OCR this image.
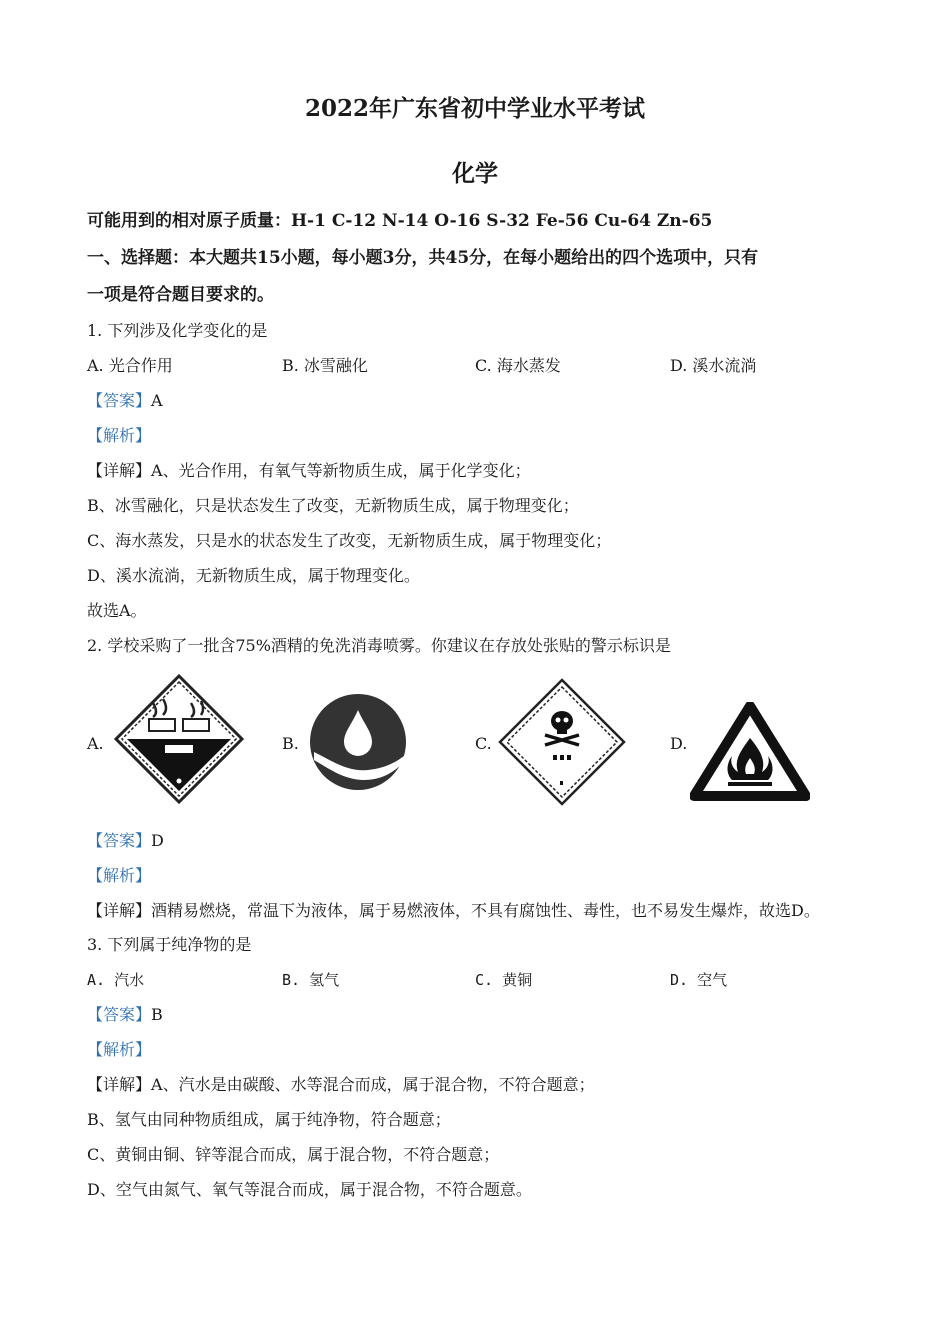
2022年广东省初中学业水平考试
化学
可能用到的相对原子质量：H-1 C-12 N-14 O-16 S-32 Fe-56 Cu-64 Zn-65
一、选择题：本大题共15小题，每小题3分，共45分，在每小题给出的四个选项中，只有
一项是符合题目要求的。
1. 下列涉及化学变化的是
A. 光合作用	B. 冰雪融化	C. 海水蒸发	D. 溪水流淌
【答案】A
【解析】
【详解】A、光合作用，有氧气等新物质生成，属于化学变化；
B、冰雪融化，只是状态发生了改变，无新物质生成，属于物理变化；
C、海水蒸发，只是水的状态发生了改变，无新物质生成，属于物理变化；
D、溪水流淌，无新物质生成，属于物理变化。
故选A。
2. 学校采购了一批含75%酒精的免洗消毒喷雾。你建议在存放处张贴的警示标识是
A.	B.	C.	D.
【答案】D
【解析】
【详解】酒精易燃烧，常温下为液体，属于易燃液体，不具有腐蚀性、毒性，也不易发生爆炸，故选D。
3. 下列属于纯净物的是
A. 汽水	B. 氢气	C. 黄铜	D. 空气
【答案】B
【解析】
【详解】A、汽水是由碳酸、水等混合而成，属于混合物，不符合题意；
B、氢气由同种物质组成，属于纯净物，符合题意；
C、黄铜由铜、锌等混合而成，属于混合物，不符合题意；
D、空气由氮气、氧气等混合而成，属于混合物，不符合题意。
